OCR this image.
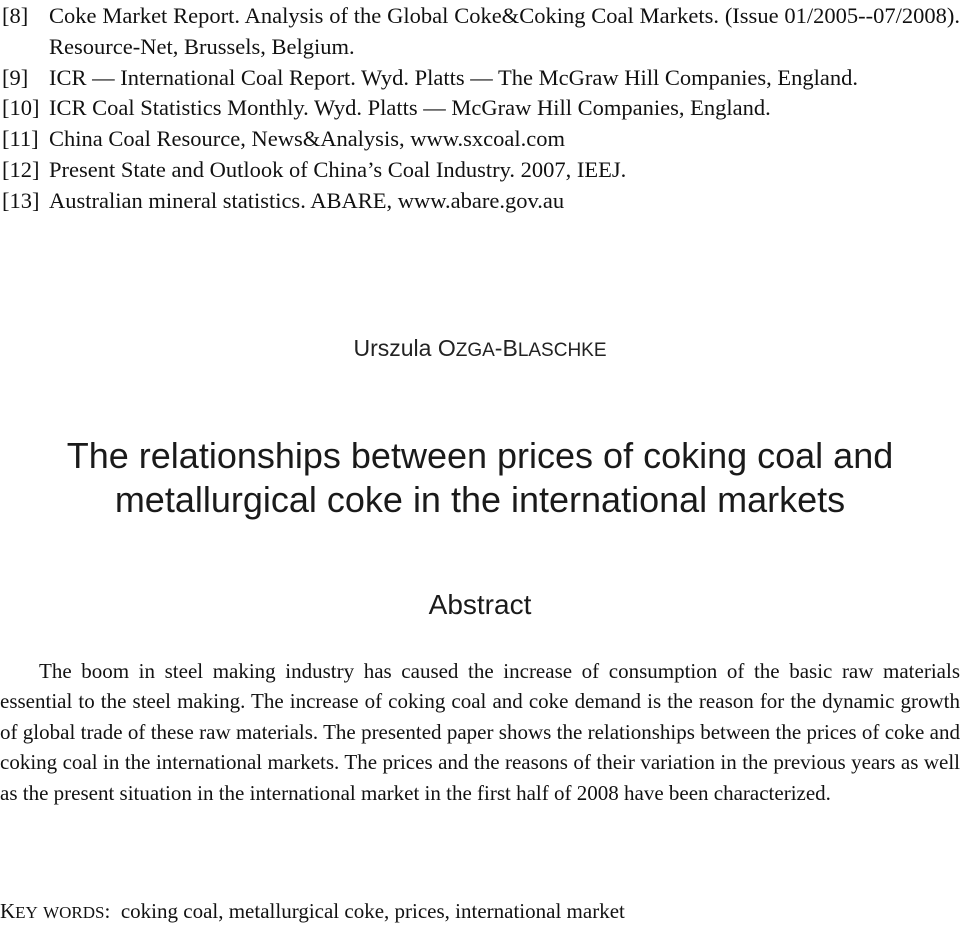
[8] Coke Market Report. Analysis of the Global Coke&Coking Coal Markets. (Issue 01/2005--07/2008). Resource-Net, Brussels, Belgium.
[9] ICR — International Coal Report. Wyd. Platts — The McGraw Hill Companies, England.
[10] ICR Coal Statistics Monthly. Wyd. Platts — McGraw Hill Companies, England.
[11] China Coal Resource, News&Analysis, www.sxcoal.com
[12] Present State and Outlook of China’s Coal Industry. 2007, IEEJ.
[13] Australian mineral statistics. ABARE, www.abare.gov.au
Urszula OZGA-BLASCHKE
The relationships between prices of coking coal and
metallurgical coke in the international markets
Abstract
The boom in steel making industry has caused the increase of consumption of the basic raw materials essential to the steel making. The increase of coking coal and coke demand is the reason for the dynamic growth of global trade of these raw materials. The presented paper shows the relationships between the prices of coke and coking coal in the international markets. The prices and the reasons of their variation in the previous years as well as the present situation in the international market in the first half of 2008 have been characterized.
KEY WORDS: coking coal, metallurgical coke, prices, international market
